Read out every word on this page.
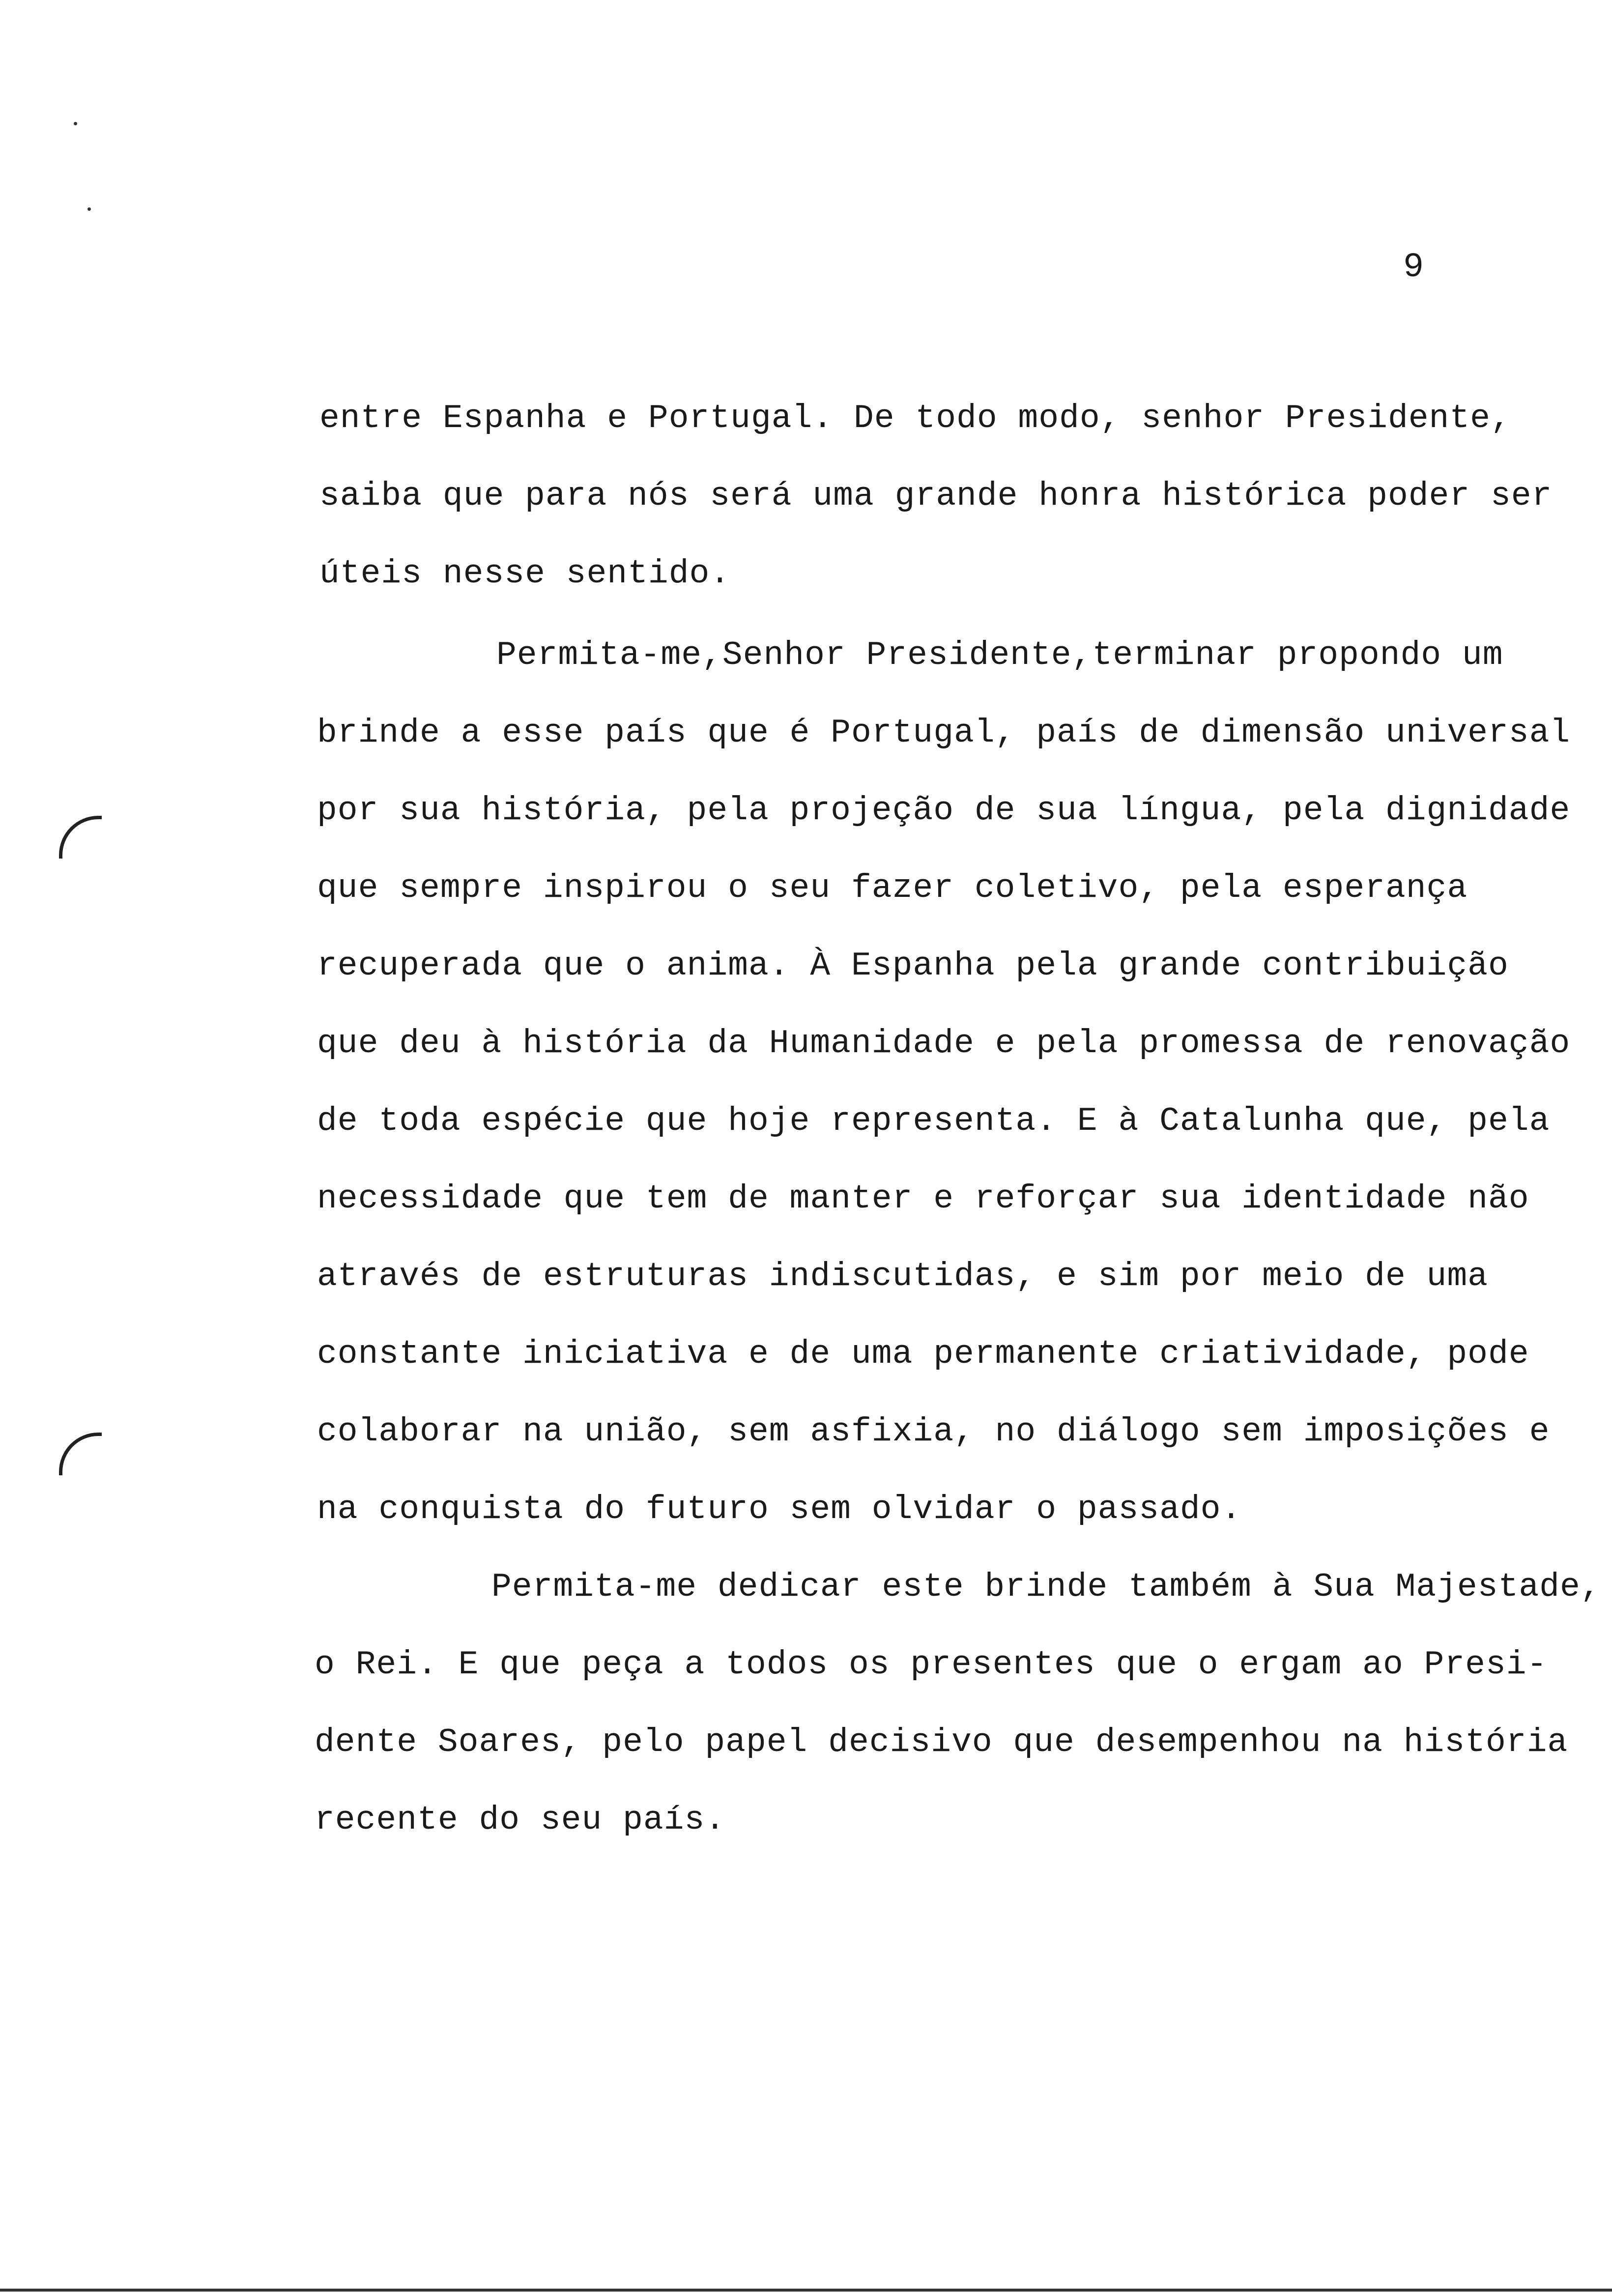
9
entre Espanha e Portugal. De todo modo, senhor Presidente,
saiba que para nós será uma grande honra histórica poder ser
úteis nesse sentido.
Permita-me,Senhor Presidente,terminar propondo um
brinde a esse país que é Portugal, país de dimensão universal
por sua história, pela projeção de sua língua, pela dignidade
que sempre inspirou o seu fazer coletivo, pela esperança
recuperada que o anima. À Espanha pela grande contribuição
que deu à história da Humanidade e pela promessa de renovação
de toda espécie que hoje representa. E à Catalunha que, pela
necessidade que tem de manter e reforçar sua identidade não
através de estruturas indiscutidas, e sim por meio de uma
constante iniciativa e de uma permanente criatividade, pode
colaborar na união, sem asfixia, no diálogo sem imposições e
na conquista do futuro sem olvidar o passado.
Permita-me dedicar este brinde também à Sua Majestade,
o Rei. E que peça a todos os presentes que o ergam ao Presi-
dente Soares, pelo papel decisivo que desempenhou na história
recente do seu país.
